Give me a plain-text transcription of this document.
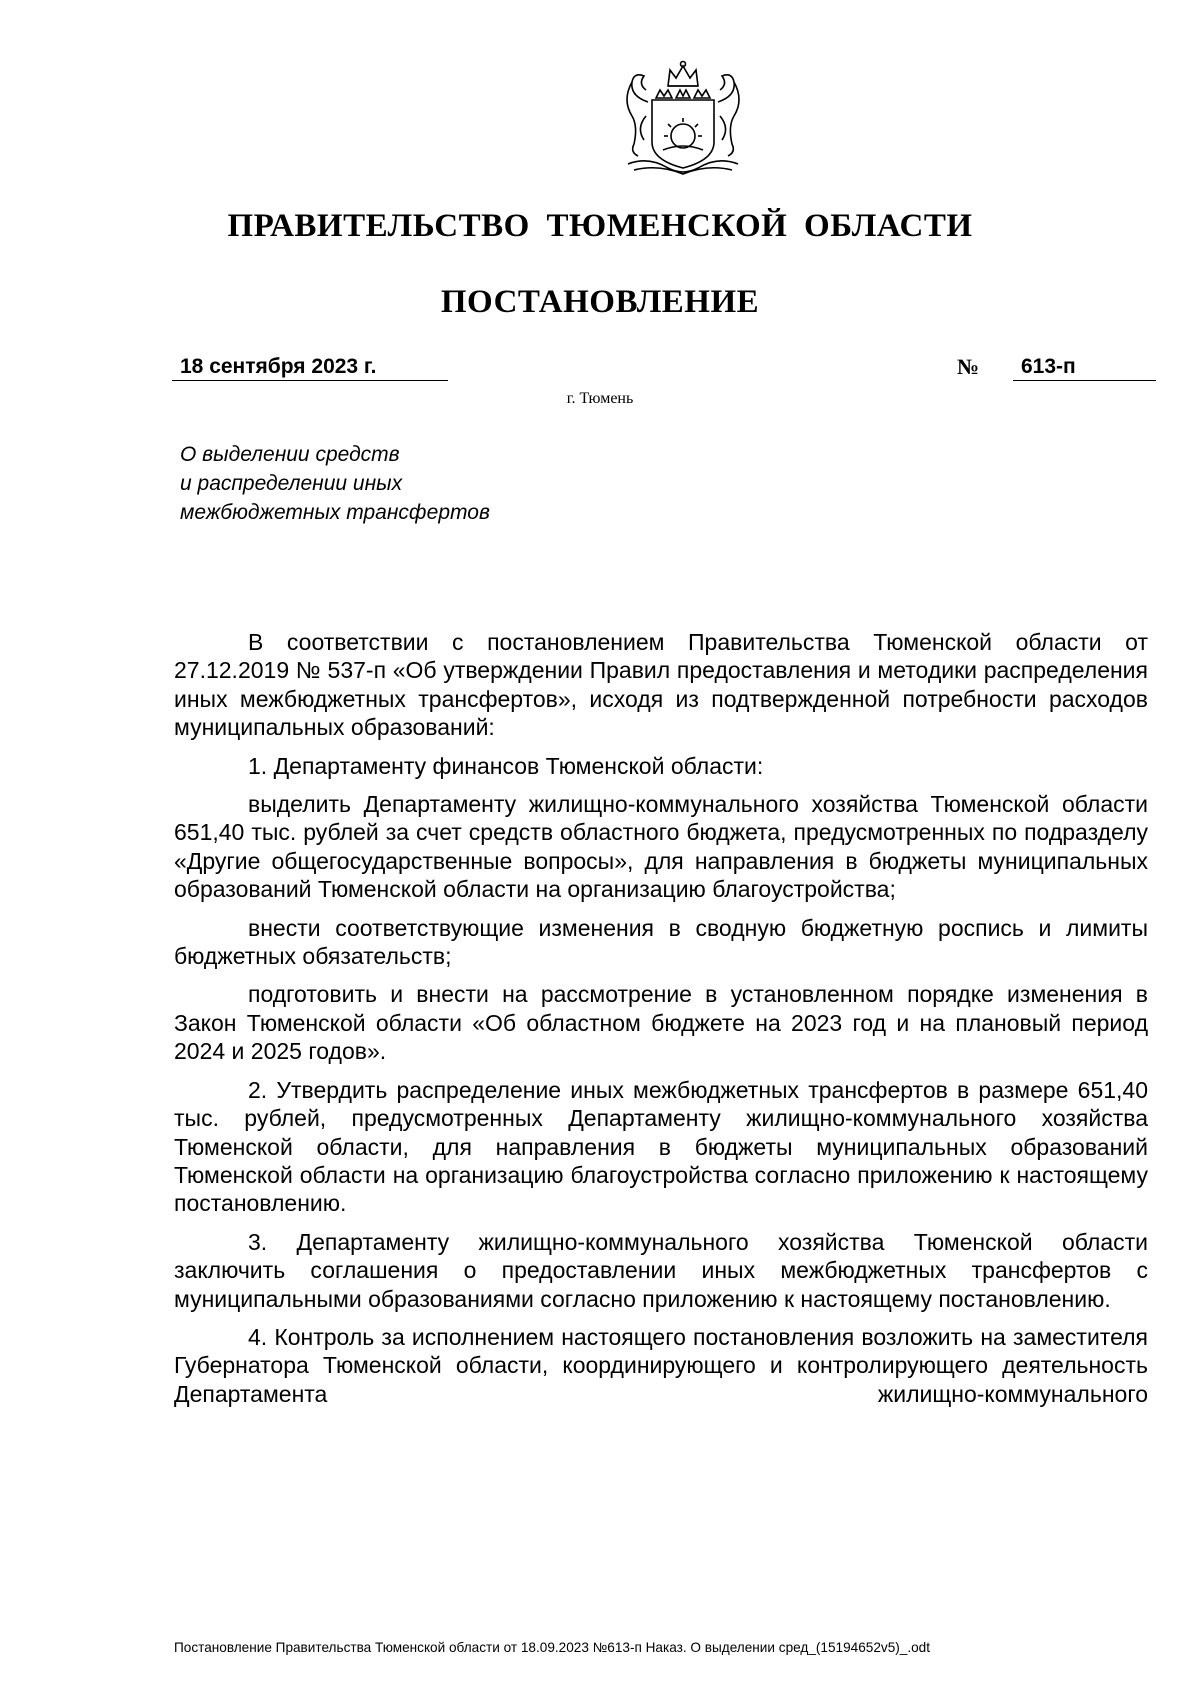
ПРАВИТЕЛЬСТВО ТЮМЕНСКОЙ ОБЛАСТИ
ПОСТАНОВЛЕНИЕ
18 сентября 2023 г.	№	613-п
г. Тюмень
О выделении средств
и распределении иных
межбюджетных трансфертов

В соответствии с постановлением Правительства Тюменской области от 27.12.2019 № 537-п «Об утверждении Правил предоставления и методики распределения иных межбюджетных трансфертов», исходя из подтвержденной потребности расходов муниципальных образований:

1. Департаменту финансов Тюменской области:

выделить Департаменту жилищно-коммунального хозяйства Тюменской области 651,40 тыс. рублей за счет средств областного бюджета, предусмотренных по подразделу «Другие общегосударственные вопросы», для направления в бюджеты муниципальных образований Тюменской области на организацию благоустройства;

внести соответствующие изменения в сводную бюджетную роспись и лимиты бюджетных обязательств;

подготовить и внести на рассмотрение в установленном порядке изменения в Закон Тюменской области «Об областном бюджете на 2023 год и на плановый период 2024 и 2025 годов».

2. Утвердить распределение иных межбюджетных трансфертов в размере 651,40 тыс. рублей, предусмотренных Департаменту жилищно-коммунального хозяйства Тюменской области, для направления в бюджеты муниципальных образований Тюменской области на организацию благоустройства согласно приложению к настоящему постановлению.

3. Департаменту жилищно-коммунального хозяйства Тюменской области заключить соглашения о предоставлении иных межбюджетных трансфертов с муниципальными образованиями согласно приложению к настоящему постановлению.

4. Контроль за исполнением настоящего постановления возложить на заместителя Губернатора Тюменской области, координирующего и контролирующего деятельность Департамента жилищно-коммунального

Постановление Правительства Тюменской области от 18.09.2023 №613-п Наказ. О выделении сред_(15194652v5)_.odt
